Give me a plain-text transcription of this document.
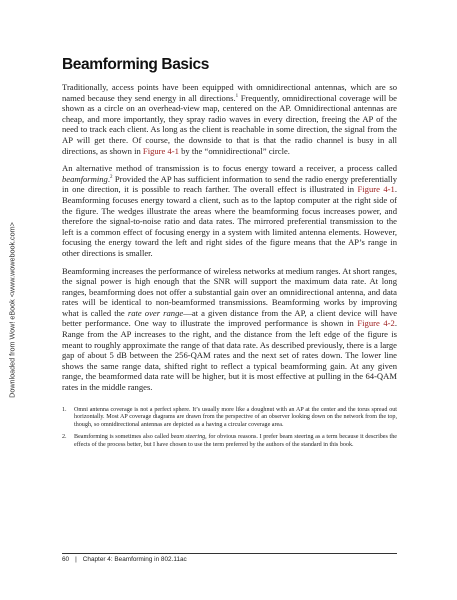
Downloaded from Wow! eBook <www.wowebook.com>
Beamforming Basics

Traditionally, access points have been equipped with omnidirectional antennas, which are so named because they send energy in all directions.$^1$ Frequently, omnidirectional coverage will be shown as a circle on an overhead-view map, centered on the AP. Omnidirectional antennas are cheap, and more importantly, they spray radio waves in every direction, freeing the AP of the need to track each client. As long as the client is reachable in some direction, the signal from the AP will get there. Of course, the downside to that is that the radio channel is busy in all directions, as shown in Figure 4-1 by the “omnidirectional” circle.

An alternative method of transmission is to focus energy toward a receiver, a process called beamforming.$^2$ Provided the AP has sufficient information to send the radio energy preferentially in one direction, it is possible to reach farther. The overall effect is illustrated in Figure 4-1. Beamforming focuses energy toward a client, such as to the laptop computer at the right side of the figure. The wedges illustrate the areas where the beamforming focus increases power, and therefore the signal-to-noise ratio and data rates. The mirrored preferential transmission to the left is a common effect of focusing energy in a system with limited antenna elements. However, focusing the energy toward the left and right sides of the figure means that the AP’s range in other directions is smaller.

Beamforming increases the performance of wireless networks at medium ranges. At short ranges, the signal power is high enough that the SNR will support the maximum data rate. At long ranges, beamforming does not offer a substantial gain over an omnidirectional antenna, and data rates will be identical to non-beamformed transmissions. Beamforming works by improving what is called the rate over range—at a given distance from the AP, a client device will have better performance. One way to illustrate the improved performance is shown in Figure 4-2. Range from the AP increases to the right, and the distance from the left edge of the figure is meant to roughly approximate the range of that data rate. As described previously, there is a large gap of about 5 dB between the 256-QAM rates and the next set of rates down. The lower line shows the same range data, shifted right to reflect a typical beamforming gain. At any given range, the beamformed data rate will be higher, but it is most effective at pulling in the 64-QAM rates in the middle ranges.

1.	Omni antenna coverage is not a perfect sphere. It’s usually more like a doughnut with an AP at the center and the torus spread out horizontally. Most AP coverage diagrams are drawn from the perspective of an observer looking down on the network from the top, though, so omnidirectional antennas are depicted as a having a circular coverage area.
2.	Beamforming is sometimes also called beam steering, for obvious reasons. I prefer beam steering as a term because it describes the effects of the process better, but I have chosen to use the term preferred by the authors of the standard in this book.
60 | Chapter 4: Beamforming in 802.11ac
